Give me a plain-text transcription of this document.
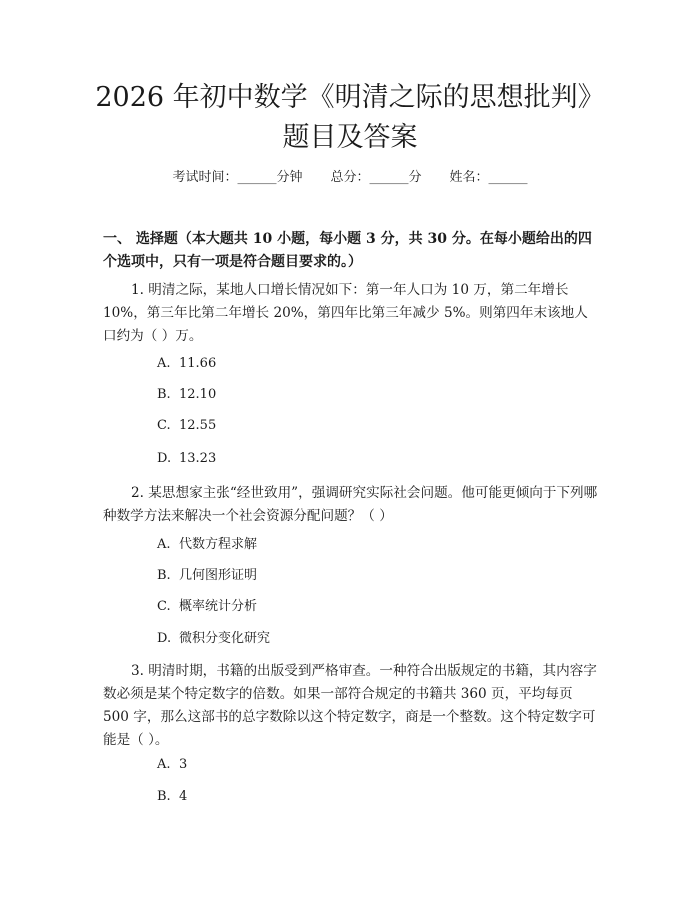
2026 年初中数学《明清之际的思想批判》题目及答案
考试时间：______分钟 总分：______分 姓名：______

一、 选择题（本大题共 10 小题，每小题 3 分，共 30 分。在每小题给出的四个选项中，只有一项是符合题目要求的。）

1. 明清之际，某地人口增长情况如下：第一年人口为 10 万，第二年增长 10%，第三年比第二年增长 20%，第四年比第三年减少 5%。则第四年末该地人口约为（ ）万。

A. 11.66

B. 12.10

C. 12.55

D. 13.23

2. 某思想家主张“经世致用”，强调研究实际社会问题。他可能更倾向于下列哪种数学方法来解决一个社会资源分配问题？（ ）

A. 代数方程求解

B. 几何图形证明

C. 概率统计分析

D. 微积分变化研究

3. 明清时期，书籍的出版受到严格审查。一种符合出版规定的书籍，其内容字数必须是某个特定数字的倍数。如果一部符合规定的书籍共 360 页，平均每页 500 字，那么这部书的总字数除以这个特定数字，商是一个整数。这个特定数字可能是（ ）。

A. 3

B. 4
